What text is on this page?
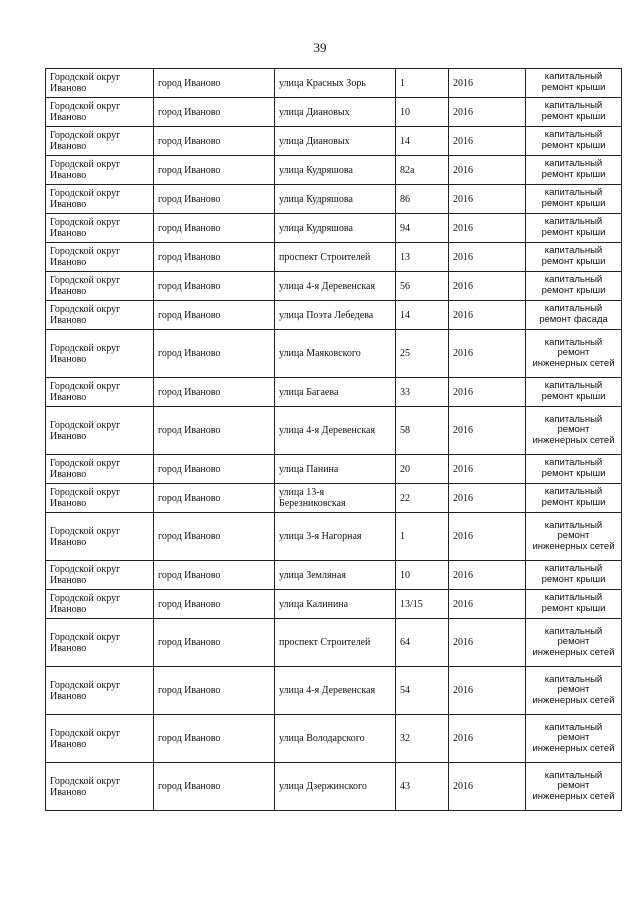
39
Городской округ Иваново	город Иваново	улица Красных Зорь	1	2016	капитальный ремонт крыши
Городской округ Иваново	город Иваново	улица Диановых	10	2016	капитальный ремонт крыши
Городской округ Иваново	город Иваново	улица Диановых	14	2016	капитальный ремонт крыши
Городской округ Иваново	город Иваново	улица Кудряшова	82а	2016	капитальный ремонт крыши
Городской округ Иваново	город Иваново	улица Кудряшова	86	2016	капитальный ремонт крыши
Городской округ Иваново	город Иваново	улица Кудряшова	94	2016	капитальный ремонт крыши
Городской округ Иваново	город Иваново	проспект Строителей	13	2016	капитальный ремонт крыши
Городской округ Иваново	город Иваново	улица 4-я Деревенская	56	2016	капитальный ремонт крыши
Городской округ Иваново	город Иваново	улица Поэта Лебедева	14	2016	капитальный ремонт фасада
Городской округ Иваново	город Иваново	улица Маяковского	25	2016	капитальный ремонт инженерных сетей
Городской округ Иваново	город Иваново	улица Багаева	33	2016	капитальный ремонт крыши
Городской округ Иваново	город Иваново	улица 4-я Деревенская	58	2016	капитальный ремонт инженерных сетей
Городской округ Иваново	город Иваново	улица Панина	20	2016	капитальный ремонт крыши
Городской округ Иваново	город Иваново	улица 13-я Березниковская	22	2016	капитальный ремонт крыши
Городской округ Иваново	город Иваново	улица 3-я Нагорная	1	2016	капитальный ремонт инженерных сетей
Городской округ Иваново	город Иваново	улица Земляная	10	2016	капитальный ремонт крыши
Городской округ Иваново	город Иваново	улица Калинина	13/15	2016	капитальный ремонт крыши
Городской округ Иваново	город Иваново	проспект Строителей	64	2016	капитальный ремонт инженерных сетей
Городской округ Иваново	город Иваново	улица 4-я Деревенская	54	2016	капитальный ремонт инженерных сетей
Городской округ Иваново	город Иваново	улица Володарского	32	2016	капитальный ремонт инженерных сетей
Городской округ Иваново	город Иваново	улица Дзержинского	43	2016	капитальный ремонт инженерных сетей
